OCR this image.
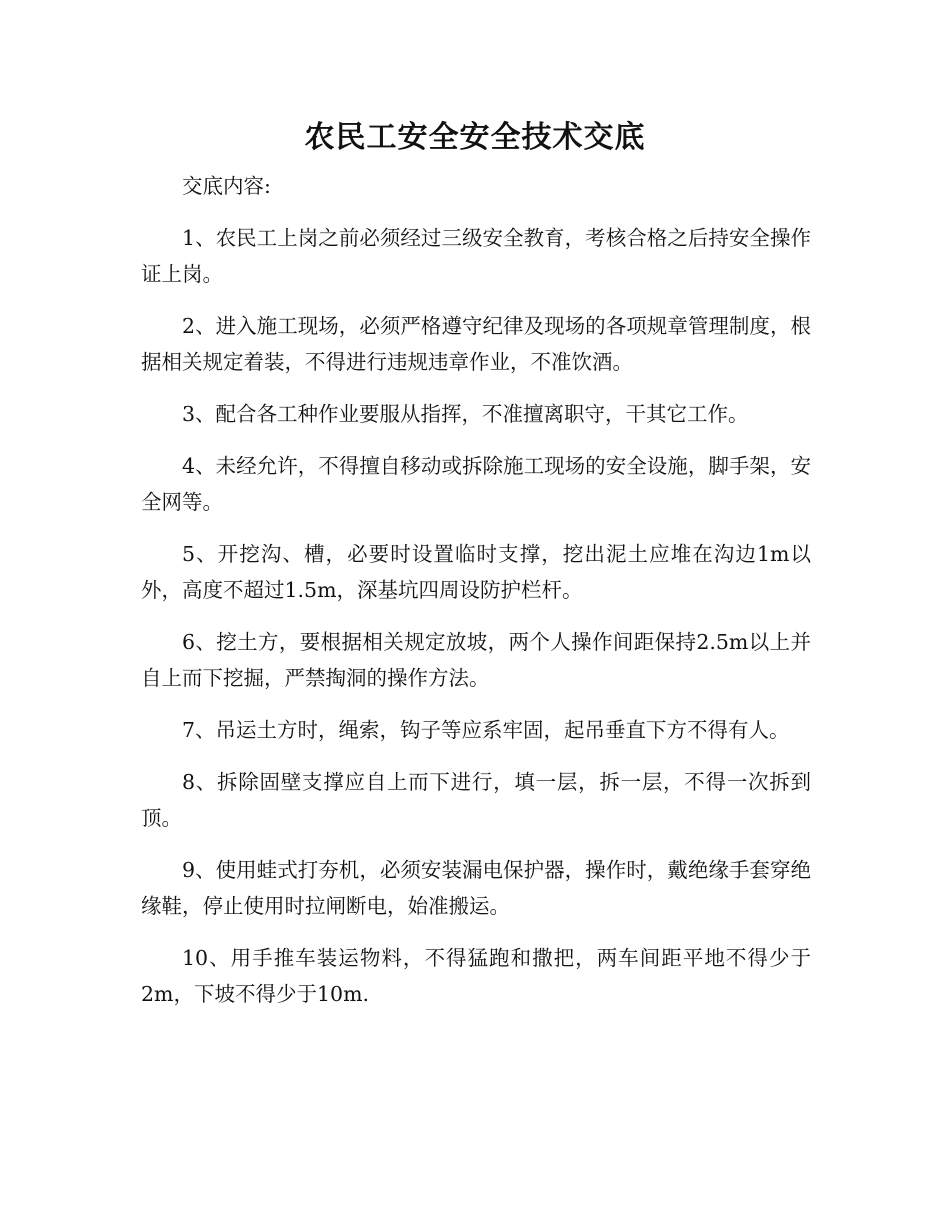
农民工安全安全技术交底

交底内容:

1、农民工上岗之前必须经过三级安全教育，考核合格之后持安全操作证上岗。

2、进入施工现场，必须严格遵守纪律及现场的各项规章管理制度，根据相关规定着装，不得进行违规违章作业，不准饮酒。

3、配合各工种作业要服从指挥，不准擅离职守，干其它工作。

4、未经允许，不得擅自移动或拆除施工现场的安全设施，脚手架，安全网等。

5、开挖沟、槽，必要时设置临时支撑，挖出泥土应堆在沟边1m以外，高度不超过1.5m，深基坑四周设防护栏杆。

6、挖土方，要根据相关规定放坡，两个人操作间距保持2.5m以上并自上而下挖掘，严禁掏洞的操作方法。

7、吊运土方时，绳索，钩子等应系牢固，起吊垂直下方不得有人。

8、拆除固壁支撑应自上而下进行，填一层，拆一层，不得一次拆到顶。

9、使用蛙式打夯机，必须安装漏电保护器，操作时，戴绝缘手套穿绝缘鞋，停止使用时拉闸断电，始准搬运。

10、用手推车装运物料，不得猛跑和撒把，两车间距平地不得少于2m，下坡不得少于10m.
